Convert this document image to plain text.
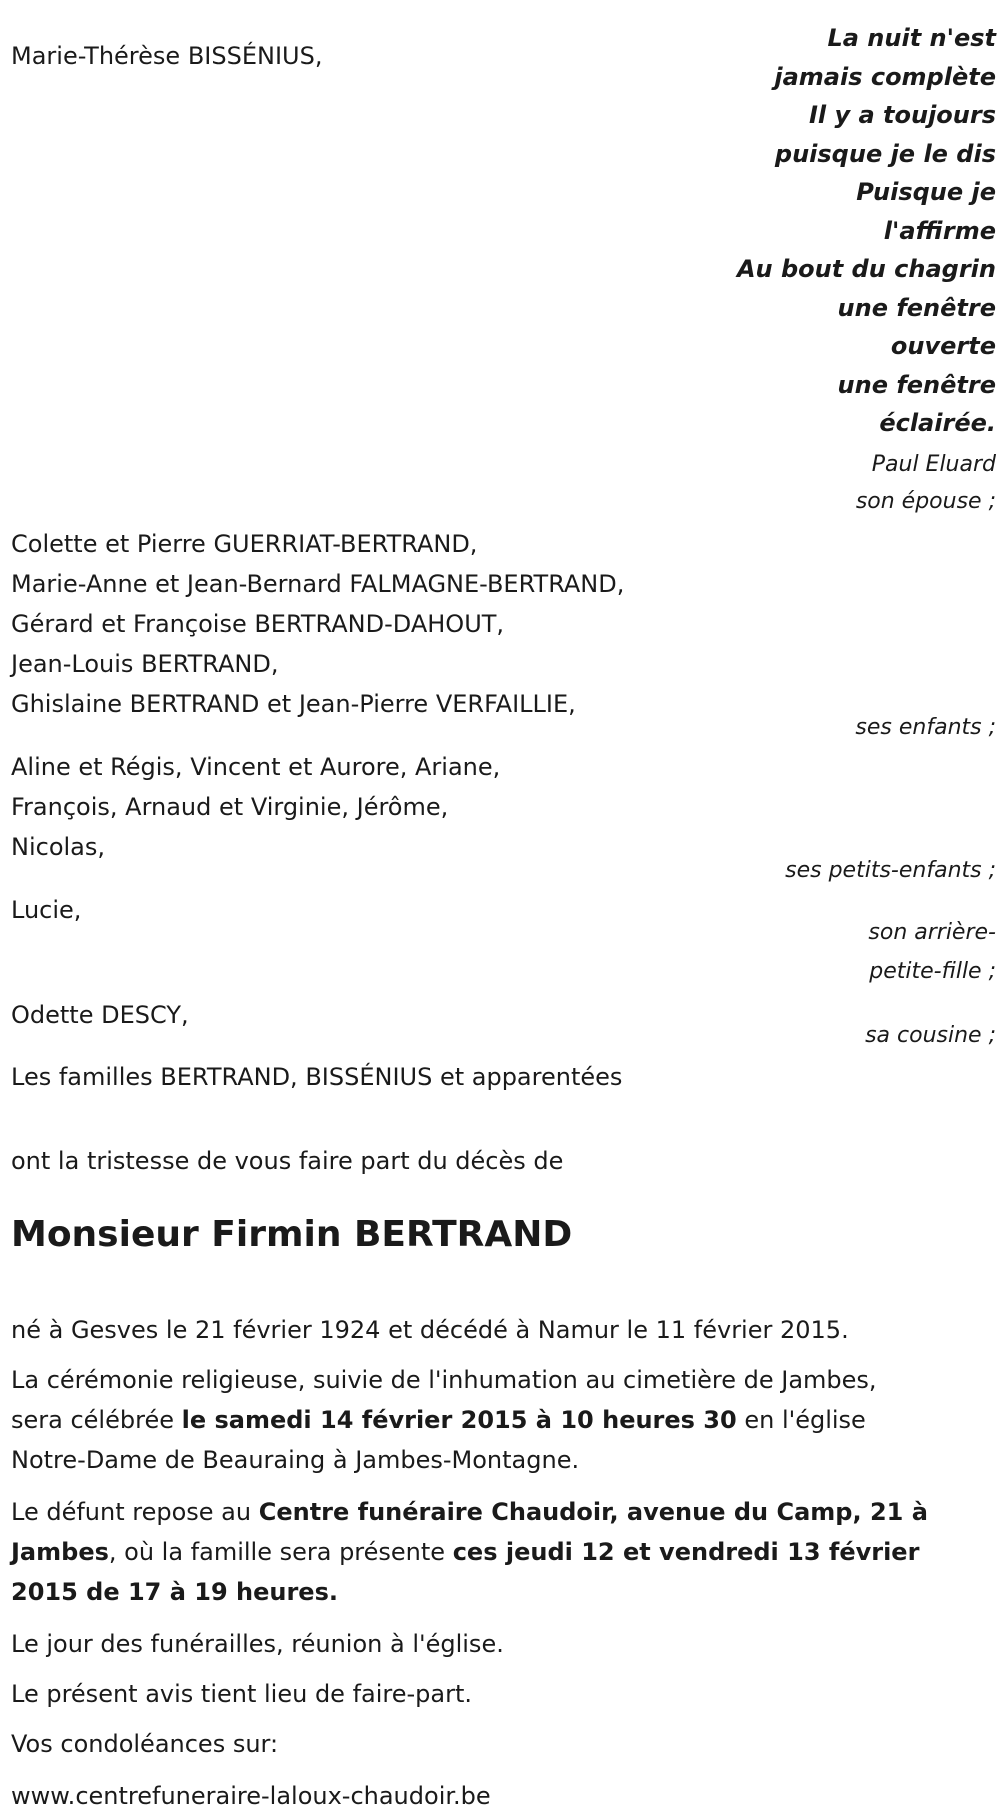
Marie-Thérèse BISSÉNIUS,
La nuit n'est
jamais complète
Il y a toujours
puisque je le dis
Puisque je
l'affirme
Au bout du chagrin
une fenêtre
ouverte
une fenêtre
éclairée.
Paul Eluard
son épouse ;
Colette et Pierre GUERRIAT-BERTRAND,
Marie-Anne et Jean-Bernard FALMAGNE-BERTRAND,
Gérard et Françoise BERTRAND-DAHOUT,
Jean-Louis BERTRAND,
Ghislaine BERTRAND et Jean-Pierre VERFAILLIE,
ses enfants ;
Aline et Régis, Vincent et Aurore, Ariane,
François, Arnaud et Virginie, Jérôme,
Nicolas,
ses petits-enfants ;
Lucie,
son arrière-
petite-fille ;
Odette DESCY,
sa cousine ;
Les familles BERTRAND, BISSÉNIUS et apparentées
ont la tristesse de vous faire part du décès de
Monsieur Firmin BERTRAND
né à Gesves le 21 février 1924 et décédé à Namur le 11 février 2015.
La cérémonie religieuse, suivie de l'inhumation au cimetière de Jambes,
sera célébrée le samedi 14 février 2015 à 10 heures 30 en l'église
Notre-Dame de Beauraing à Jambes-Montagne.
Le défunt repose au Centre funéraire Chaudoir, avenue du Camp, 21 à
Jambes, où la famille sera présente ces jeudi 12 et vendredi 13 février
2015 de 17 à 19 heures.
Le jour des funérailles, réunion à l'église.
Le présent avis tient lieu de faire-part.
Vos condoléances sur:
www.centrefuneraire-laloux-chaudoir.be
